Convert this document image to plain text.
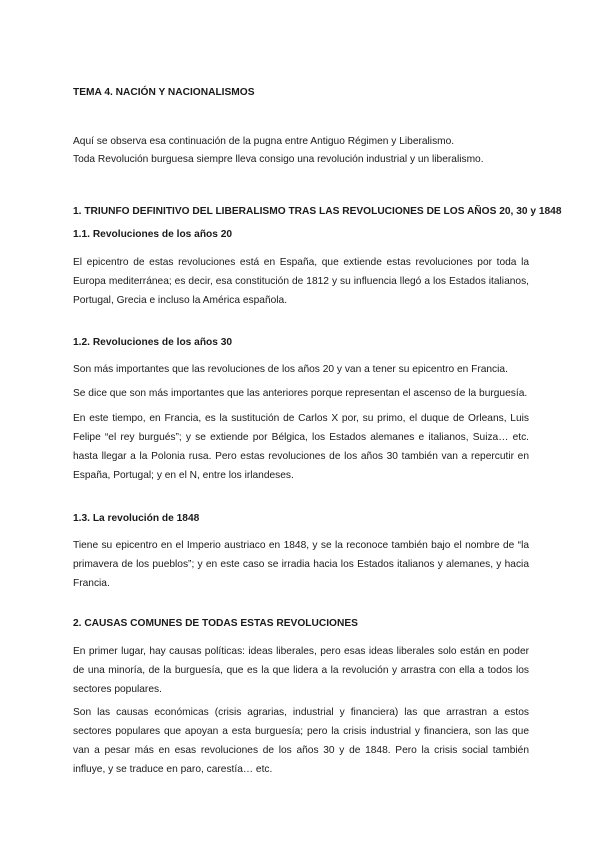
TEMA 4. NACIÓN Y NACIONALISMOS
Aquí se observa esa continuación de la pugna entre Antiguo Régimen y Liberalismo.
Toda Revolución burguesa siempre lleva consigo una revolución industrial y un liberalismo.
1. TRIUNFO DEFINITIVO DEL LIBERALISMO TRAS LAS REVOLUCIONES DE LOS AÑOS 20, 30 y 1848
1.1. Revoluciones de los años 20
El epicentro de estas revoluciones está en España, que extiende estas revoluciones por toda la Europa mediterránea; es decir, esa constitución de 1812 y su influencia llegó a los Estados italianos, Portugal, Grecia e incluso la América española.
1.2. Revoluciones de los años 30
Son más importantes que las revoluciones de los años 20 y van a tener su epicentro en Francia.
Se dice que son más importantes que las anteriores porque representan el ascenso de la burguesía.
En este tiempo, en Francia, es la sustitución de Carlos X por, su primo, el duque de Orleans, Luis Felipe “el rey burgués”; y se extiende por Bélgica, los Estados alemanes e italianos, Suiza… etc. hasta llegar a la Polonia rusa. Pero estas revoluciones de los años 30 también van a repercutir en España, Portugal; y en el N, entre los irlandeses.
1.3. La revolución de 1848
Tiene su epicentro en el Imperio austriaco en 1848, y se la reconoce también bajo el nombre de “la primavera de los pueblos”; y en este caso se irradia hacia los Estados italianos y alemanes, y hacia Francia.
2. CAUSAS COMUNES DE TODAS ESTAS REVOLUCIONES
En primer lugar, hay causas políticas: ideas liberales, pero esas ideas liberales solo están en poder de una minoría, de la burguesía, que es la que lidera a la revolución y arrastra con ella a todos los sectores populares.
Son las causas económicas (crisis agrarias, industrial y financiera) las que arrastran a estos sectores populares que apoyan a esta burguesía; pero la crisis industrial y financiera, son las que van a pesar más en esas revoluciones de los años 30 y de 1848. Pero la crisis social también influye, y se traduce en paro, carestía… etc.
